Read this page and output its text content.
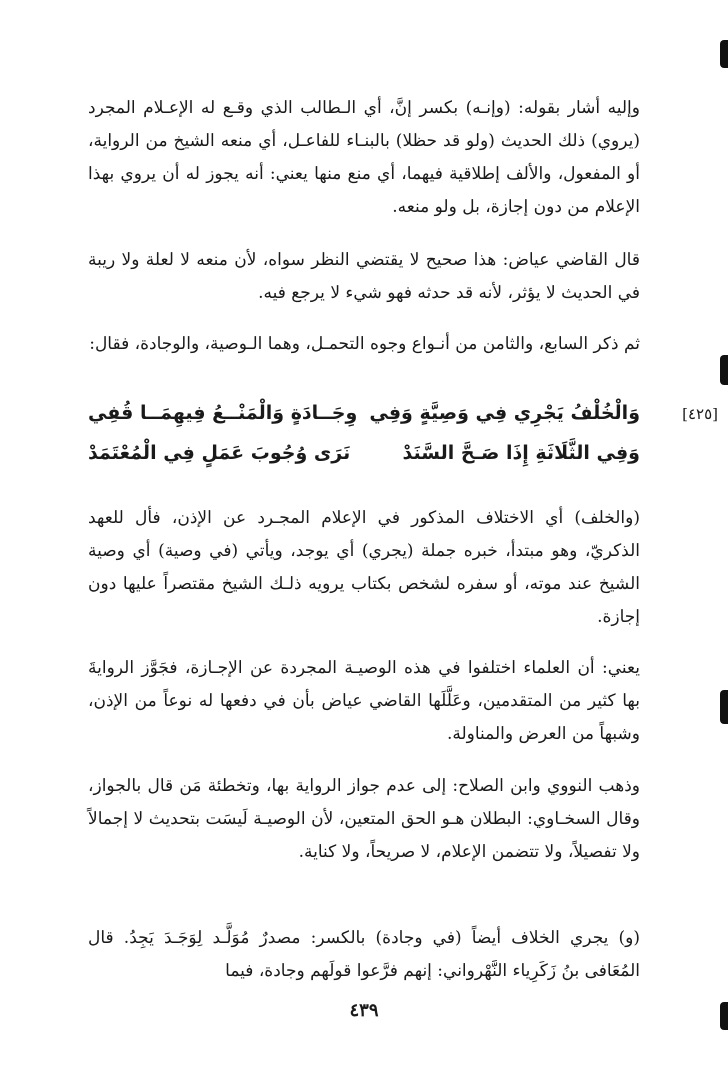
وإليه أشار بقوله: (وإنـه) بكسر إنَّ، أي الـطالب الذي وقـع له الإعـلام المجرد (يروي) ذلك الحديث (ولو قد حظلا) بالبنـاء للفاعـل، أي منعه الشيخ من الرواية، أو المفعول، والألف إطلاقية فيهما، أي منع منها يعني: أنه يجوز له أن يروي بهذا الإعلام من دون إجازة، بل ولو منعه.

قال القاضي عياض: هذا صحيح لا يقتضي النظر سواه، لأن منعه لا لعلة ولا ريبة في الحديث لا يؤثر، لأنه قد حدثه فهو شيء لا يرجع فيه.

ثم ذكر السابع، والثامن من أنـواع وجوه التحمـل، وهما الـوصية، والوجادة، فقال:

[٤٢٥]
وَالْخُلْفُ يَجْرِي فِي وَصِيَّةٍ وَفِي
وِجَــادَةٍ وَالْمَنْــعُ فِيهِمَــا قُفِي
وَفِي الثَّلَاثَةِ إِذَا صَـحَّ السَّنَدْ
نَرَى وُجُوبَ عَمَلٍ فِي الْمُعْتَمَدْ

(والخلف) أي الاختلاف المذكور في الإعلام المجـرد عن الإذن، فأل للعهد الذكريّ، وهو مبتدأ، خبره جملة (يجري) أي يوجد، ويأتي (في وصية) أي وصية الشيخ عند موته، أو سفره لشخص بكتاب يرويه ذلـك الشيخ مقتصراً عليها دون إجازة.

يعني: أن العلماء اختلفوا في هذه الوصيـة المجردة عن الإجـازة، فجَوَّز الروايةَ بها كثير من المتقدمين، وعَلَّلَها القاضي عياض بأن في دفعها له نوعاً من الإذن، وشبهاً من العرض والمناولة.

وذهب النووي وابن الصلاح: إلى عدم جواز الرواية بها، وتخطئة مَن قال بالجواز، وقال السخـاوي: البطلان هـو الحق المتعين، لأن الوصيـة لَيسَت بتحديث لا إجمالاً ولا تفصيلاً، ولا تتضمن الإعلام، لا صريحاً، ولا كناية.

(و) يجري الخلاف أيضاً (في وجادة) بالكسر: مصدرٌ مُوَلَّـد لِوَجَـدَ يَجِدُ. قال المُعَافى بنُ زَكَرِياء النَّهْرواني: إنهم فرَّعوا قولَهم وجادة، فيما

٤٣٩
